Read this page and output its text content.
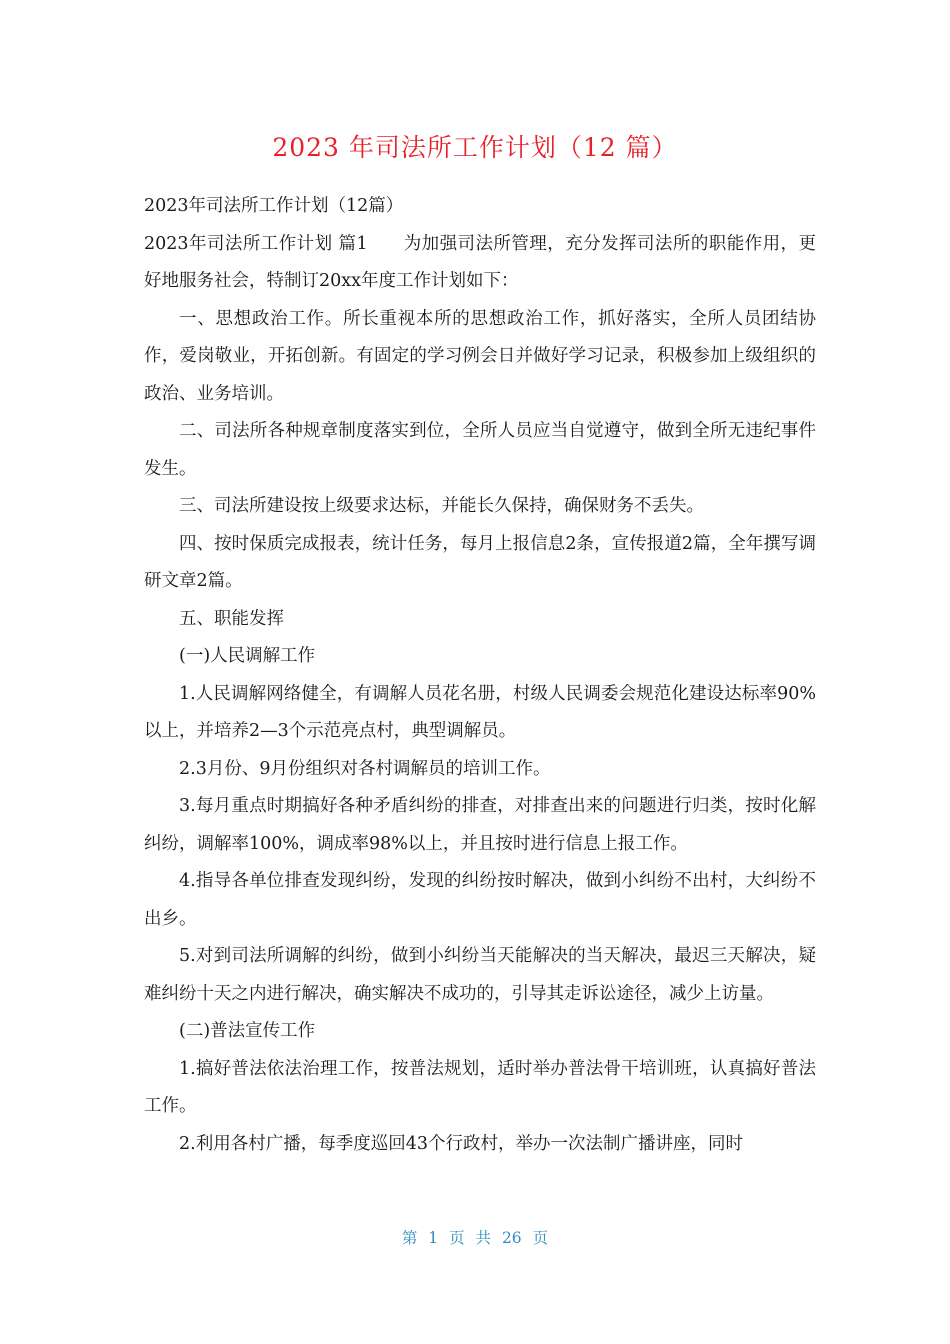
2023 年司法所工作计划（12 篇）

2023年司法所工作计划（12篇）

2023年司法所工作计划 篇1      为加强司法所管理，充分发挥司法所的职能作用，更好地服务社会，特制订20xx年度工作计划如下：

一、思想政治工作。所长重视本所的思想政治工作，抓好落实，全所人员团结协作，爱岗敬业，开拓创新。有固定的学习例会日并做好学习记录，积极参加上级组织的政治、业务培训。

二、司法所各种规章制度落实到位，全所人员应当自觉遵守，做到全所无违纪事件发生。

三、司法所建设按上级要求达标，并能长久保持，确保财务不丢失。

四、按时保质完成报表，统计任务，每月上报信息2条，宣传报道2篇，全年撰写调研文章2篇。

五、职能发挥

(一)人民调解工作

1.人民调解网络健全，有调解人员花名册，村级人民调委会规范化建设达标率90%以上，并培养2—3个示范亮点村，典型调解员。

2.3月份、9月份组织对各村调解员的培训工作。

3.每月重点时期搞好各种矛盾纠纷的排查，对排查出来的问题进行归类，按时化解纠纷，调解率100%，调成率98%以上，并且按时进行信息上报工作。

4.指导各单位排查发现纠纷，发现的纠纷按时解决，做到小纠纷不出村，大纠纷不出乡。

5.对到司法所调解的纠纷，做到小纠纷当天能解决的当天解决，最迟三天解决，疑难纠纷十天之内进行解决，确实解决不成功的，引导其走诉讼途径，减少上访量。

(二)普法宣传工作

1.搞好普法依法治理工作，按普法规划，适时举办普法骨干培训班，认真搞好普法工作。

2.利用各村广播，每季度巡回43个行政村，举办一次法制广播讲座，同时

第 1 页 共 26 页
